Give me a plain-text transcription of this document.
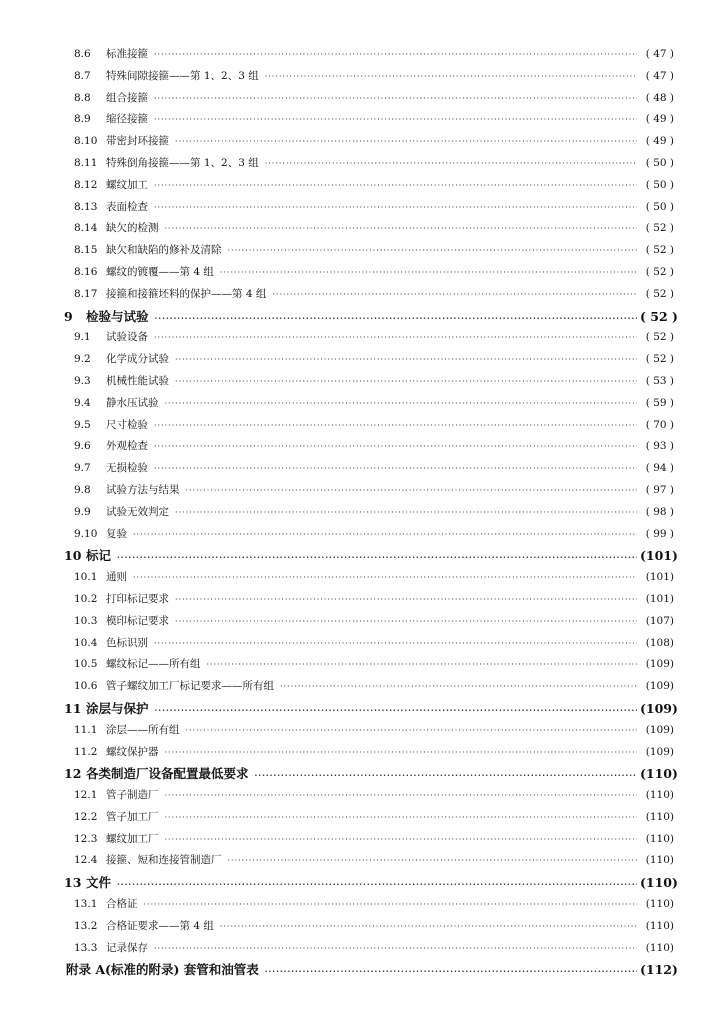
8.6	标准接箍 ·····	( 47 )
8.7	特殊间隙接箍——第 1、2、3 组 ·····	( 47 )
8.8	组合接箍 ·····	( 48 )
8.9	缩径接箍 ·····	( 49 )
8.10 带密封环接箍 ·····	( 49 )
8.11 特殊倒角接箍——第 1、2、3 组 ·····	( 50 )
8.12 螺纹加工 ·····	( 50 )
8.13 表面检查 ·····	( 50 )
8.14 缺欠的检测 ·····	( 52 )
8.15 缺欠和缺陷的修补及清除 ·····	( 52 )
8.16 螺纹的镀覆——第 4 组 ·····	( 52 )
8.17 接箍和接箍坯料的保护——第 4 组 ·····	( 52 )
9	检验与试验 ·····	( 52 )
9.1	试验设备 ·····	( 52 )
9.2	化学成分试验 ·····	( 52 )
9.3	机械性能试验 ·····	( 53 )
9.4	静水压试验 ·····	( 59 )
9.5	尺寸检验 ·····	( 70 )
9.6	外观检查 ·····	( 93 )
9.7	无损检验 ·····	( 94 )
9.8	试验方法与结果 ·····	( 97 )
9.9	试验无效判定 ·····	( 98 )
9.10 复验 ·····	( 99 )
10 标记 ·····	(101)
10.1 通则 ·····	(101)
10.2 打印标记要求 ·····	(101)
10.3 模印标记要求 ·····	(107)
10.4 色标识别 ·····	(108)
10.5 螺纹标记——所有组 ·····	(109)
10.6 管子螺纹加工厂标记要求——所有组 ·····	(109)
11 涂层与保护 ·····	(109)
11.1 涂层——所有组 ·····	(109)
11.2 螺纹保护器 ·····	(109)
12 各类制造厂设备配置最低要求 ·····	(110)
12.1 管子制造厂 ·····	(110)
12.2 管子加工厂 ·····	(110)
12.3 螺纹加工厂 ·····	(110)
12.4 接箍、短和连接管制造厂 ·····	(110)
13 文件 ·····	(110)
13.1 合格证 ·····	(110)
13.2 合格证要求——第 4 组 ·····	(110)
13.3 记录保存 ·····	(110)
附录 A(标准的附录) 套管和油管表 ·····	(112)
